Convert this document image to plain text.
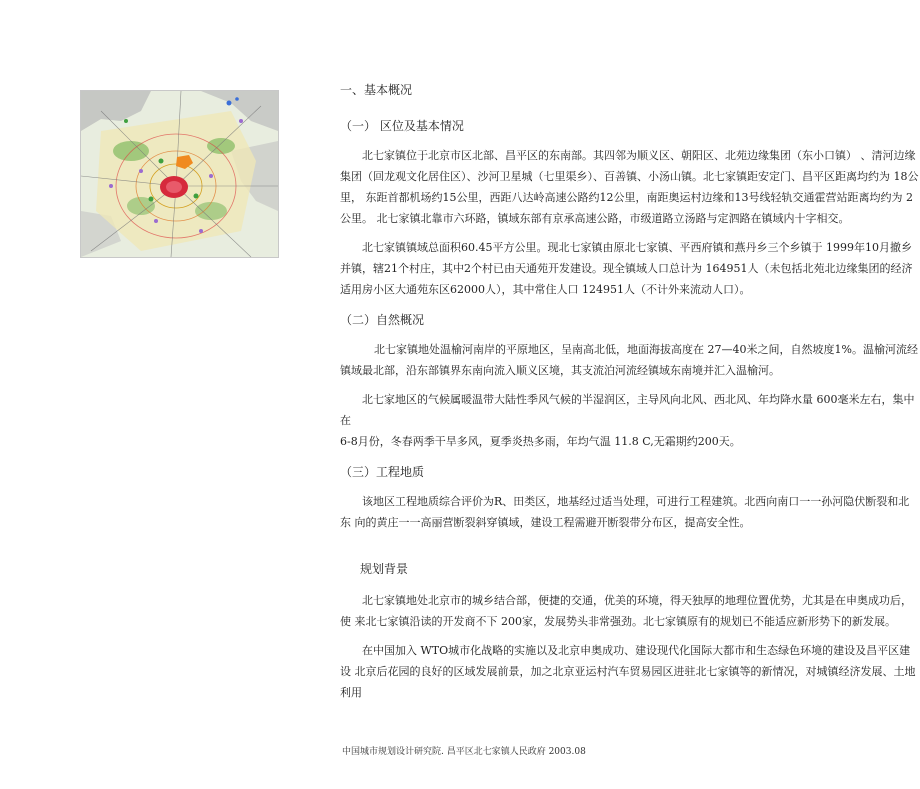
一、基本概况

（一） 区位及基本情况

北七家镇位于北京市区北部、昌平区的东南部。其四邻为顺义区、朝阳区、北苑边缘集团（东小口镇） 、清河边缘集团（回龙观文化居住区）、沙河卫星城（七里渠乡）、百善镇、小汤山镇。北七家镇距安定门、昌平区距离均约为 18公里， 东距首都机场约15公里，西距八达岭高速公路约12公里，南距奥运村边缘和13号线轻轨交通霍营站距离均约为 2公里。 北七家镇北靠市六环路，镇域东部有京承高速公路，市级道路立汤路与定泗路在镇域内十字相交。

北七家镇镇域总面积60.45平方公里。现北七家镇由原北七家镇、平西府镇和燕丹乡三个乡镇于 1999年10月撤乡并镇，辖21个村庄，其中2个村已由天通苑开发建设。现全镇域人口总计为 164951人（未包括北苑北边缘集团的经济适用房小区大通苑东区62000人），其中常住人口 124951人（不计外来流动人口）。

（二）自然概况

北七家镇地处温榆河南岸的平原地区，呈南高北低，地面海拔高度在 27—40米之间，自然坡度1%。温榆河流经镇域最北部，沿东部镇界东南向流入顺义区境，其支流泊河流经镇域东南境并汇入温榆河。

北七家地区的气候属暖温带大陆性季风气候的半湿润区，主导风向北风、西北风、年均降水量 600毫米左右，集中在

6-8月份，冬春两季干旱多风，夏季炎热多雨，年均气温 11.8 C,无霜期约200天。

（三）工程地质

该地区工程地质综合评价为R、田类区，地基经过适当处理，可进行工程建筑。北西向南口一一孙河隐伏断裂和北东 向的黄庄一一高丽营断裂斜穿镇域，建设工程需避开断裂带分布区，提高安全性。

规划背景

北七家镇地处北京市的城乡结合部，便捷的交通，优美的环境，得天独厚的地理位置优势，尤其是在申奥成功后，使 来北七家镇沿读的开发商不下 200家，发展势头非常强劲。北七家镇原有的规划已不能适应新形势下的新发展。

在中国加入 WTO城市化战略的实施以及北京申奥成功、建设现代化国际大都市和生态绿色环境的建设及昌平区建设 北京后花园的良好的区域发展前景，加之北京亚运村汽车贸易园区进驻北七家镇等的新情况，对城镇经济发展、土地利用

中国城市规划设计研究院. 昌平区北七家镇人民政府 2003.08
